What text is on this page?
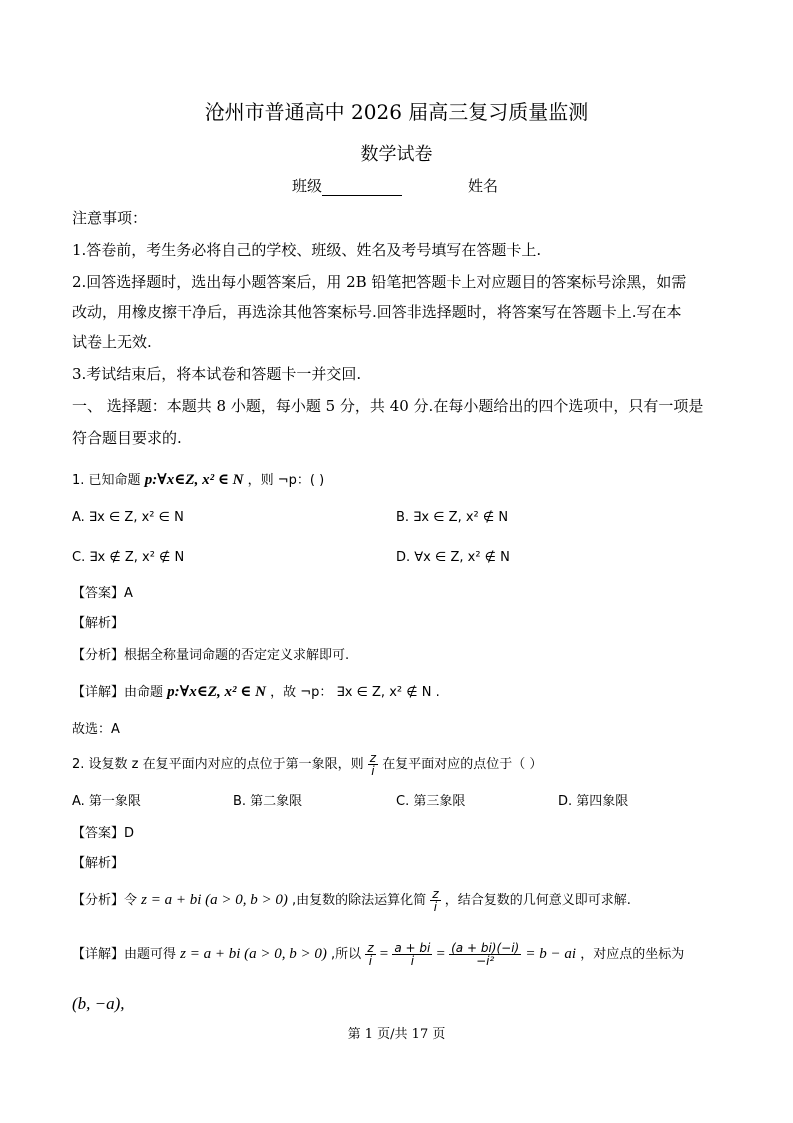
沧州市普通高中 2026 届高三复习质量监测
数学试卷
班级	姓名
注意事项：
1.答卷前，考生务必将自己的学校、班级、姓名及考号填写在答题卡上.
2.回答选择题时，选出每小题答案后，用 2B 铅笔把答题卡上对应题目的答案标号涂黑，如需
改动，用橡皮擦干净后，再选涂其他答案标号.回答非选择题时，将答案写在答题卡上.写在本
试卷上无效.
3.考试结束后，将本试卷和答题卡一并交回.
一、 选择题：本题共 8 小题，每小题 5 分，共 40 分.在每小题给出的四个选项中，只有一项是
符合题目要求的.
1. 已知命题 p:∀x∈Z, x² ∈ N ，则 ¬p：( )
A. ∃x ∈ Z, x² ∈ N	B. ∃x ∈ Z, x² ∉ N
C. ∃x ∉ Z, x² ∉ N	D. ∀x ∈ Z, x² ∉ N
【答案】A
【解析】
【分析】根据全称量词命题的否定定义求解即可.
【详解】由命题 p:∀x∈Z, x² ∈ N ，故 ¬p： ∃x ∈ Z, x² ∉ N .
故选：A
2. 设复数 z 在复平面内对应的点位于第一象限，则 $\frac{z}{i}$ 在复平面对应的点位于（ ）
A. 第一象限	B. 第二象限	C. 第三象限	D. 第四象限
【答案】D
【解析】
【分析】令 z = a + bi (a > 0, b > 0) ,由复数的除法运算化简 $\frac{z}{i}$ ，结合复数的几何意义即可求解.
【详解】由题可得 z = a + bi (a > 0, b > 0) ,所以 $\frac{z}{i} = \frac{a + bi}{i} = \frac{(a + bi)(-i)}{\text{−i²}} = b$ − ai ，对应点的坐标为
(b, −a),
第 1 页/共 17 页
